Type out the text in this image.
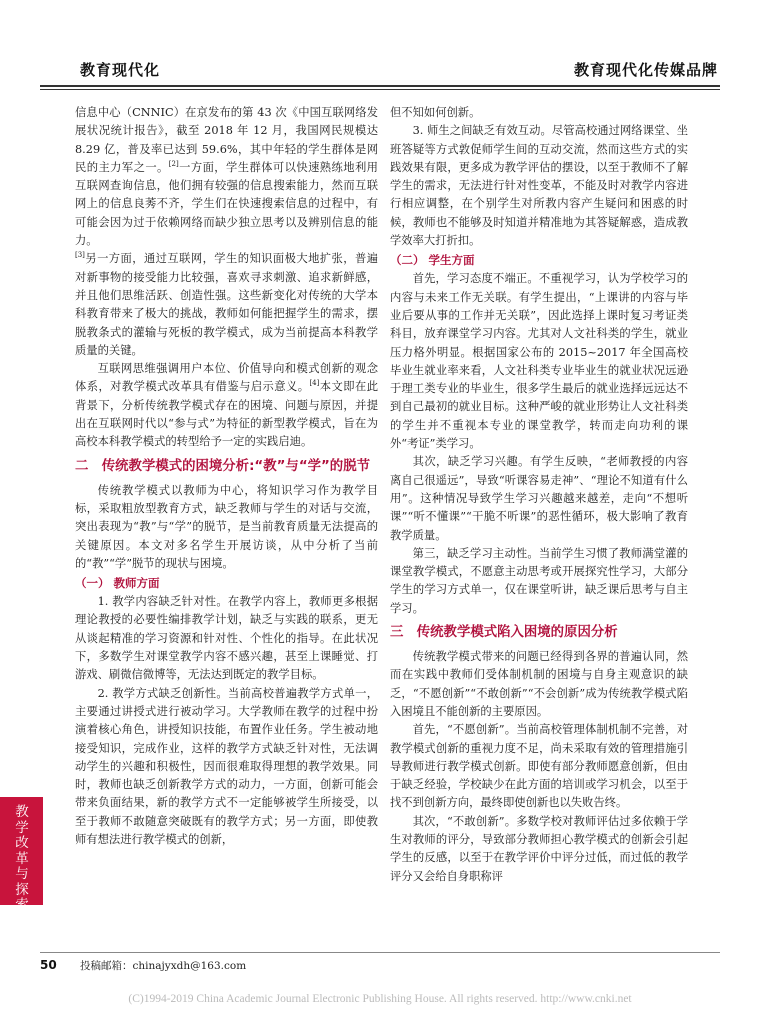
教育现代化	教育现代化传媒品牌

信息中心（CNNIC）在京发布的第 43 次《中国互联网络发展状况统计报告》，截至 2018 年 12 月，我国网民规模达 8.29 亿，普及率已达到 59.6%，其中年轻的学生群体是网民的主力军之一。[2]一方面，学生群体可以快速熟练地利用互联网查询信息，他们拥有较强的信息搜索能力，然而互联网上的信息良莠不齐，学生们在快速搜索信息的过程中，有可能会因为过于依赖网络而缺少独立思考以及辨别信息的能力。

[3]另一方面，通过互联网，学生的知识面极大地扩张，普遍对新事物的接受能力比较强，喜欢寻求刺激、追求新鲜感，并且他们思维活跃、创造性强。这些新变化对传统的大学本科教育带来了极大的挑战，教师如何能把握学生的需求，摆脱教条式的灌输与死板的教学模式，成为当前提高本科教学质量的关键。

互联网思维强调用户本位、价值导向和模式创新的观念体系，对教学模式改革具有借鉴与启示意义。[4]本文即在此背景下，分析传统教学模式存在的困境、问题与原因，并提出在互联网时代以“参与式”为特征的新型教学模式，旨在为高校本科教学模式的转型给予一定的实践启迪。

二　传统教学模式的困境分析:“教”与“学”的脱节

传统教学模式以教师为中心，将知识学习作为教学目标，采取粗放型教育方式，缺乏教师与学生的对话与交流，突出表现为“教”与“学”的脱节，是当前教育质量无法提高的关键原因。本文对多名学生开展访谈，从中分析了当前的“教”“学”脱节的现状与困境。

（一） 教师方面

1. 教学内容缺乏针对性。在教学内容上，教师更多根据理论教授的必要性编排教学计划，缺乏与实践的联系，更无从谈起精准的学习资源和针对性、个性化的指导。在此状况下，多数学生对课堂教学内容不感兴趣，甚至上课睡觉、打游戏、刷微信微博等，无法达到既定的教学目标。

2. 教学方式缺乏创新性。当前高校普遍教学方式单一，主要通过讲授式进行被动学习。大学教师在教学的过程中扮演着核心角色，讲授知识技能，布置作业任务。学生被动地接受知识，完成作业，这样的教学方式缺乏针对性，无法调动学生的兴趣和积极性，因而很难取得理想的教学效果。同时，教师也缺乏创新教学方式的动力，一方面，创新可能会带来负面结果，新的教学方式不一定能够被学生所接受，以至于教师不敢随意突破既有的教学方式；另一方面，即使教师有想法进行教学模式的创新，

但不知如何创新。

3. 师生之间缺乏有效互动。尽管高校通过网络课堂、坐班答疑等方式敦促师学生间的互动交流，然而这些方式的实践效果有限，更多成为教学评估的摆设，以至于教师不了解学生的需求，无法进行针对性变革，不能及时对教学内容进行相应调整，在个别学生对所教内容产生疑问和困惑的时候，教师也不能够及时知道并精准地为其答疑解惑，造成教学效率大打折扣。

（二） 学生方面

首先，学习态度不端正。不重视学习，认为学校学习的内容与未来工作无关联。有学生提出，“上课讲的内容与毕业后要从事的工作并无关联”，因此选择上课时复习考证类科目，放弃课堂学习内容。尤其对人文社科类的学生，就业压力格外明显。根据国家公布的 2015~2017 年全国高校毕业生就业率来看，人文社科类专业毕业生的就业状况远逊于理工类专业的毕业生，很多学生最后的就业选择远远达不到自己最初的就业目标。这种严峻的就业形势让人文社科类的学生并不重视本专业的课堂教学，转而走向功利的课外“考证”类学习。

其次，缺乏学习兴趣。有学生反映，“老师教授的内容离自己很遥远”，导致“听课容易走神”、“理论不知道有什么用”。这种情况导致学生学习兴趣越来越差，走向“不想听课”“听不懂课”“干脆不听课”的恶性循环，极大影响了教育教学质量。

第三，缺乏学习主动性。当前学生习惯了教师满堂灌的课堂教学模式，不愿意主动思考或开展探究性学习，大部分学生的学习方式单一，仅在课堂听讲，缺乏课后思考与自主学习。

三　传统教学模式陷入困境的原因分析

传统教学模式带来的问题已经得到各界的普遍认同，然而在实践中教师们受体制机制的困境与自身主观意识的缺乏，“不愿创新”“不敢创新”“不会创新”成为传统教学模式陷入困境且不能创新的主要原因。

首先，“不愿创新”。当前高校管理体制机制不完善，对教学模式创新的重视力度不足，尚未采取有效的管理措施引导教师进行教学模式创新。即使有部分教师愿意创新，但由于缺乏经验，学校缺少在此方面的培训或学习机会，以至于找不到创新方向，最终即使创新也以失败告终。

其次，“不敢创新”。多数学校对教师评估过多依赖于学生对教师的评分，导致部分教师担心教学模式的创新会引起学生的反感，以至于在教学评价中评分过低，而过低的教学评分又会给自身职称评

教学改革与探索
50	投稿邮箱：chinajyxdh@163.com
(C)1994-2019 China Academic Journal Electronic Publishing House. All rights reserved. http://www.cnki.net
